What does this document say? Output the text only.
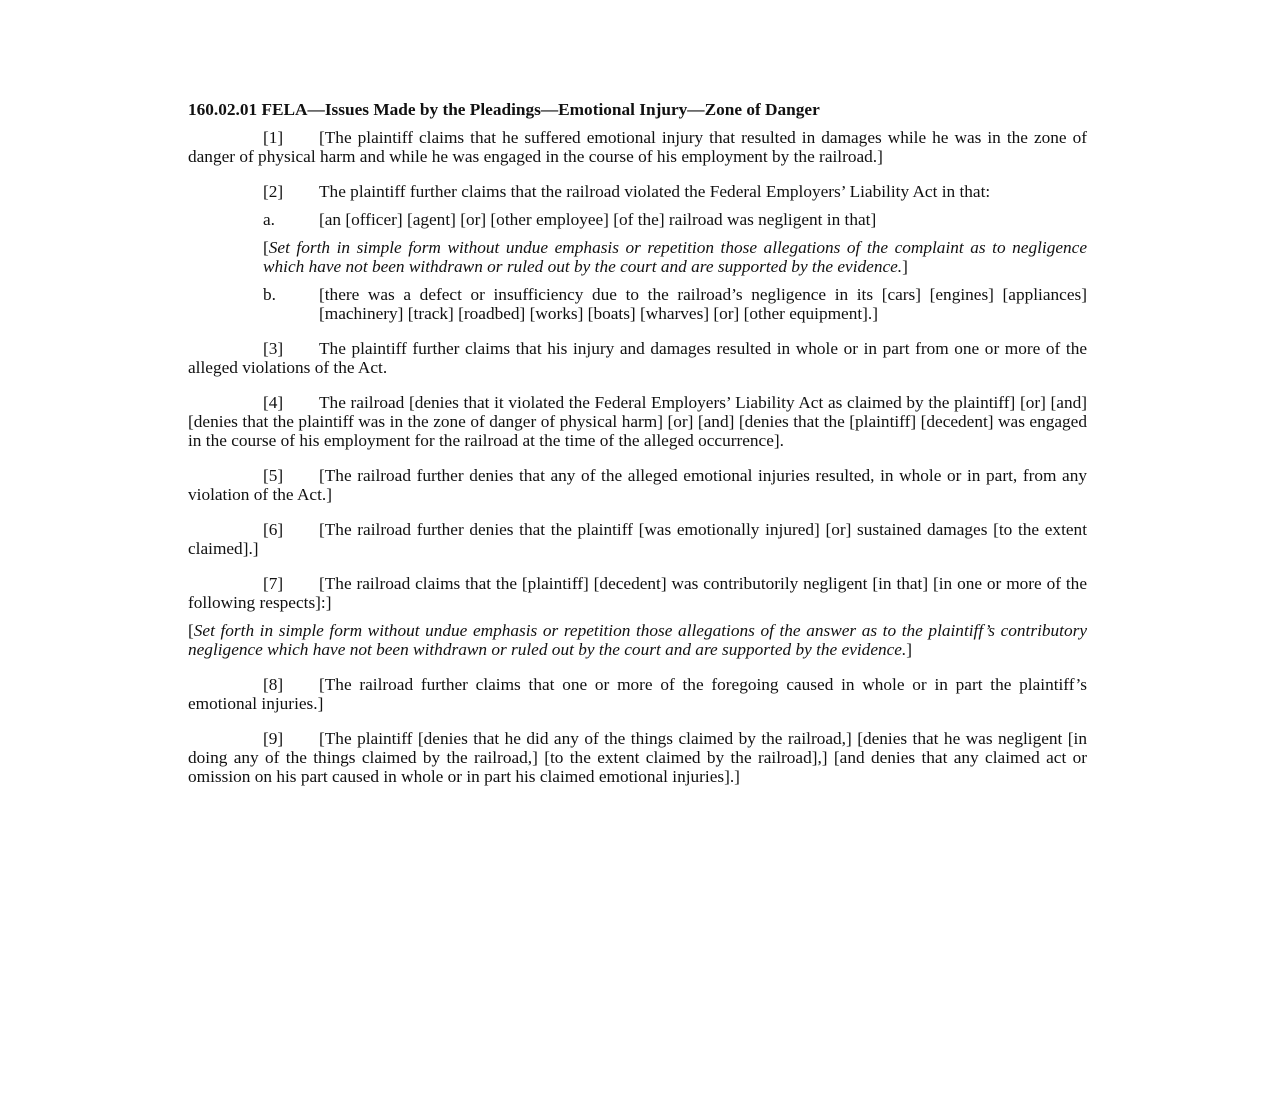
160.02.01 FELA—Issues Made by the Pleadings—Emotional Injury—Zone of Danger
[1] [The plaintiff claims that he suffered emotional injury that resulted in damages while he was in the zone of danger of physical harm and while he was engaged in the course of his employment by the railroad.]
[2] The plaintiff further claims that the railroad violated the Federal Employers’ Liability Act in that:
a.	[an [officer] [agent] [or] [other employee] [of the] railroad was negligent in that]
[Set forth in simple form without undue emphasis or repetition those allegations of the complaint as to negligence which have not been withdrawn or ruled out by the court and are supported by the evidence.]
b. [there was a defect or insufficiency due to the railroad’s negligence in its [cars] [engines] [appliances] [machinery] [track] [roadbed] [works] [boats] [wharves] [or] [other equipment].]
[3] The plaintiff further claims that his injury and damages resulted in whole or in part from one or more of the alleged violations of the Act.
[4] The railroad [denies that it violated the Federal Employers’ Liability Act as claimed by the plaintiff] [or] [and] [denies that the plaintiff was in the zone of danger of physical harm] [or] [and] [denies that the [plaintiff] [decedent] was engaged in the course of his employment for the railroad at the time of the alleged occurrence].
[5] [The railroad further denies that any of the alleged emotional injuries resulted, in whole or in part, from any violation of the Act.]
[6] [The railroad further denies that the plaintiff [was emotionally injured] [or] sustained damages [to the extent claimed].]
[7] [The railroad claims that the [plaintiff] [decedent] was contributorily negligent [in that] [in one or more of the following respects]:]
[Set forth in simple form without undue emphasis or repetition those allegations of the answer as to the plaintiff’s contributory negligence which have not been withdrawn or ruled out by the court and are supported by the evidence.]
[8] [The railroad further claims that one or more of the foregoing caused in whole or in part the plaintiff’s emotional injuries.]
[9] [The plaintiff [denies that he did any of the things claimed by the railroad,] [denies that he was negligent [in doing any of the things claimed by the railroad,] [to the extent claimed by the railroad],] [and denies that any claimed act or omission on his part caused in whole or in part his claimed emotional injuries].]
